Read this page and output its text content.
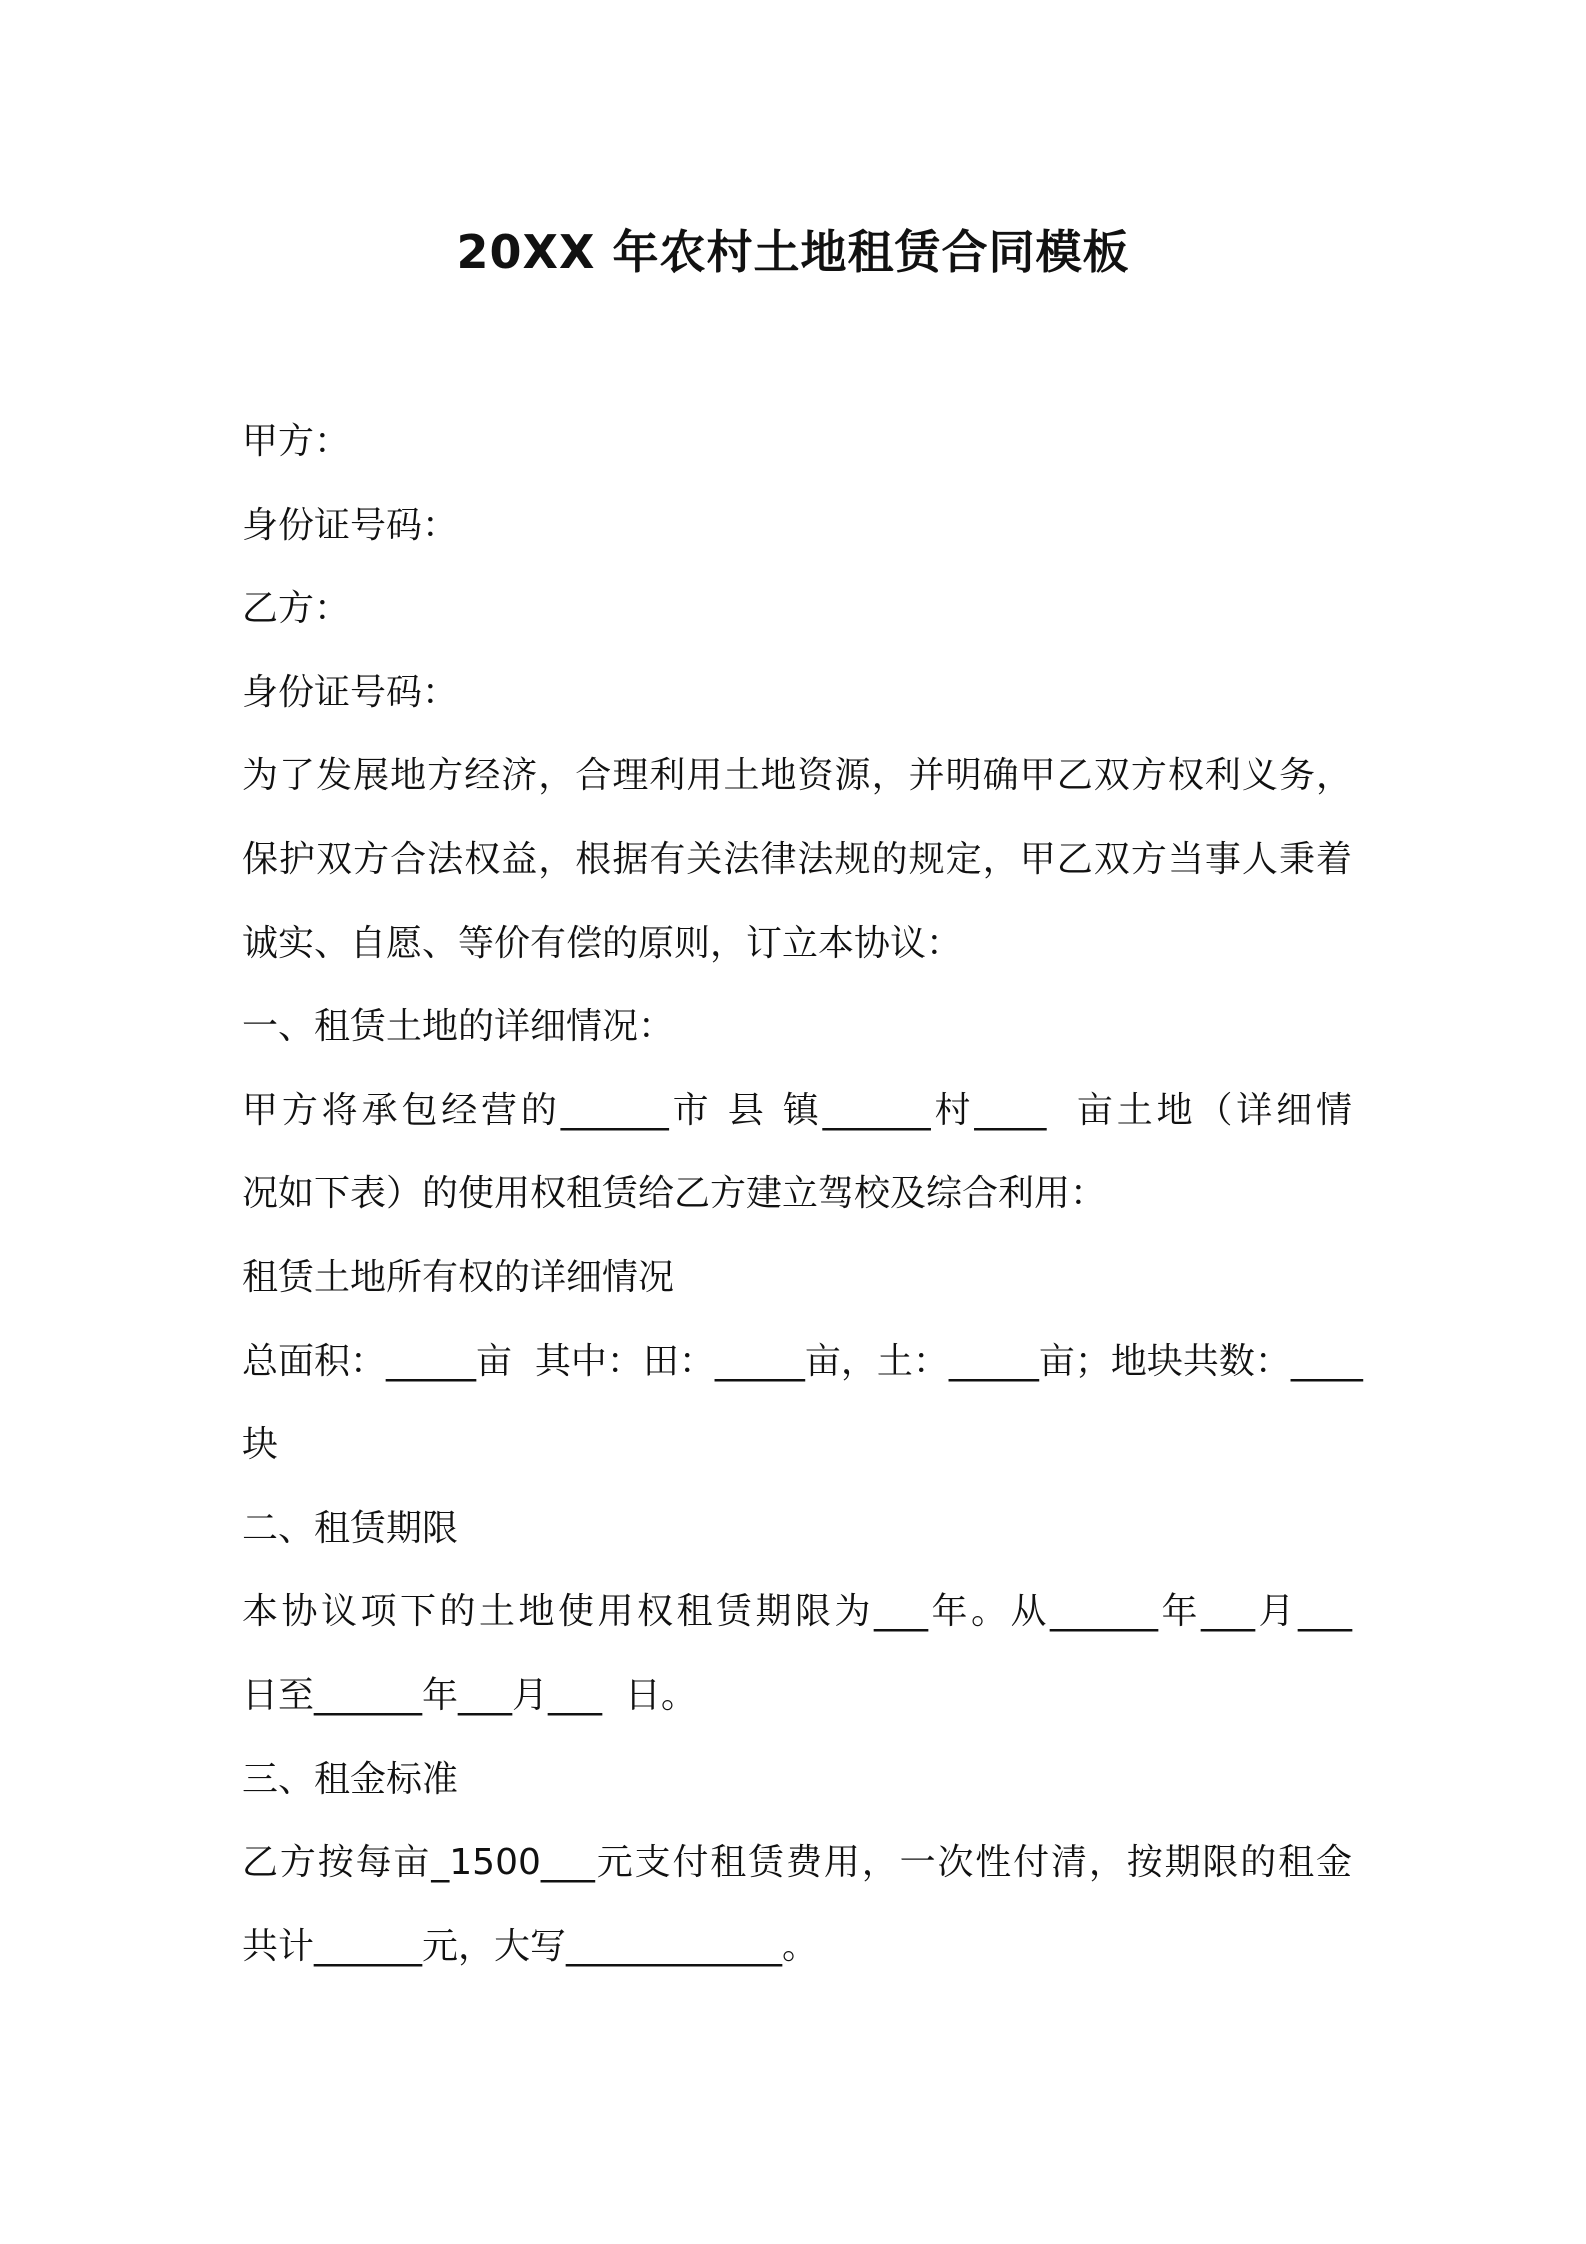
20XX 年农村土地租赁合同模板
甲方：
身份证号码：
乙方：
身份证号码：
为了发展地方经济，合理利用土地资源，并明确甲乙双方权利义务，
保护双方合法权益，根据有关法律法规的规定，甲乙双方当事人秉着
诚实、自愿、等价有偿的原则，订立本协议：
一、租赁土地的详细情况：
甲方将承包经营的______市 县 镇______村____  亩土地（详细情
况如下表）的使用权租赁给乙方建立驾校及综合利用：
租赁土地所有权的详细情况
总面积：_____亩  其中：田：_____亩，土：_____亩；地块共数：____
块
二、租赁期限
本协议项下的土地使用权租赁期限为___年。从______年___月___
日至______年___月___  日。
三、租金标准
乙方按每亩_1500___元支付租赁费用，一次性付清，按期限的租金
共计______元，大写____________。
